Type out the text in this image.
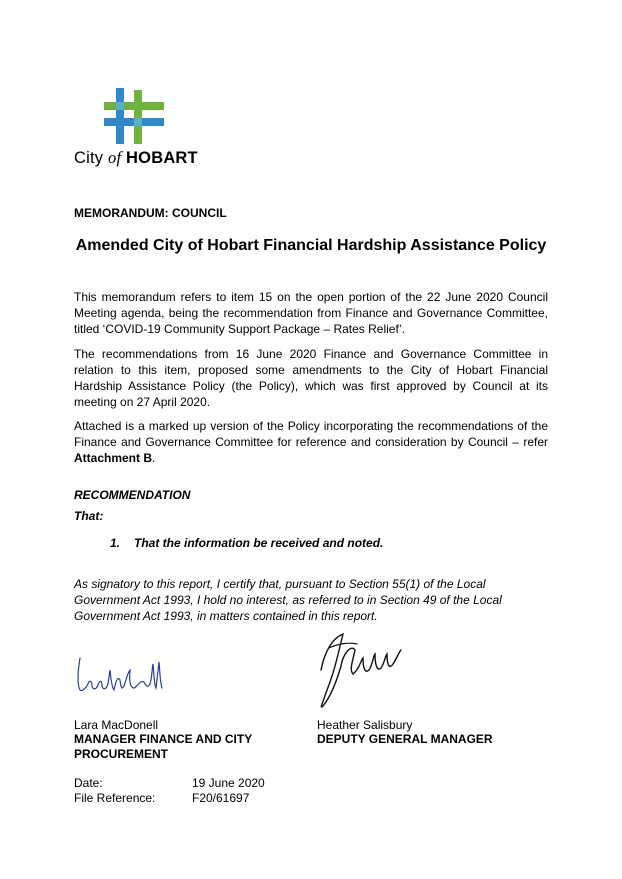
City of HOBART
MEMORANDUM: COUNCIL
Amended City of Hobart Financial Hardship Assistance Policy
This memorandum refers to item 15 on the open portion of the 22 June 2020 Council Meeting agenda, being the recommendation from Finance and Governance Committee, titled ‘COVID-19 Community Support Package – Rates Relief’.
The recommendations from 16 June 2020 Finance and Governance Committee in relation to this item, proposed some amendments to the City of Hobart Financial Hardship Assistance Policy (the Policy), which was first approved by Council at its meeting on 27 April 2020.
Attached is a marked up version of the Policy incorporating the recommendations of the Finance and Governance Committee for reference and consideration by Council – refer Attachment B.
RECOMMENDATION
That:
1. That the information be received and noted.
As signatory to this report, I certify that, pursuant to Section 55(1) of the Local Government Act 1993, I hold no interest, as referred to in Section 49 of the Local Government Act 1993, in matters contained in this report.
Lara MacDonell
MANAGER FINANCE AND CITY PROCUREMENT
Heather Salisbury
DEPUTY GENERAL MANAGER
Date:	19 June 2020
File Reference:	F20/61697
